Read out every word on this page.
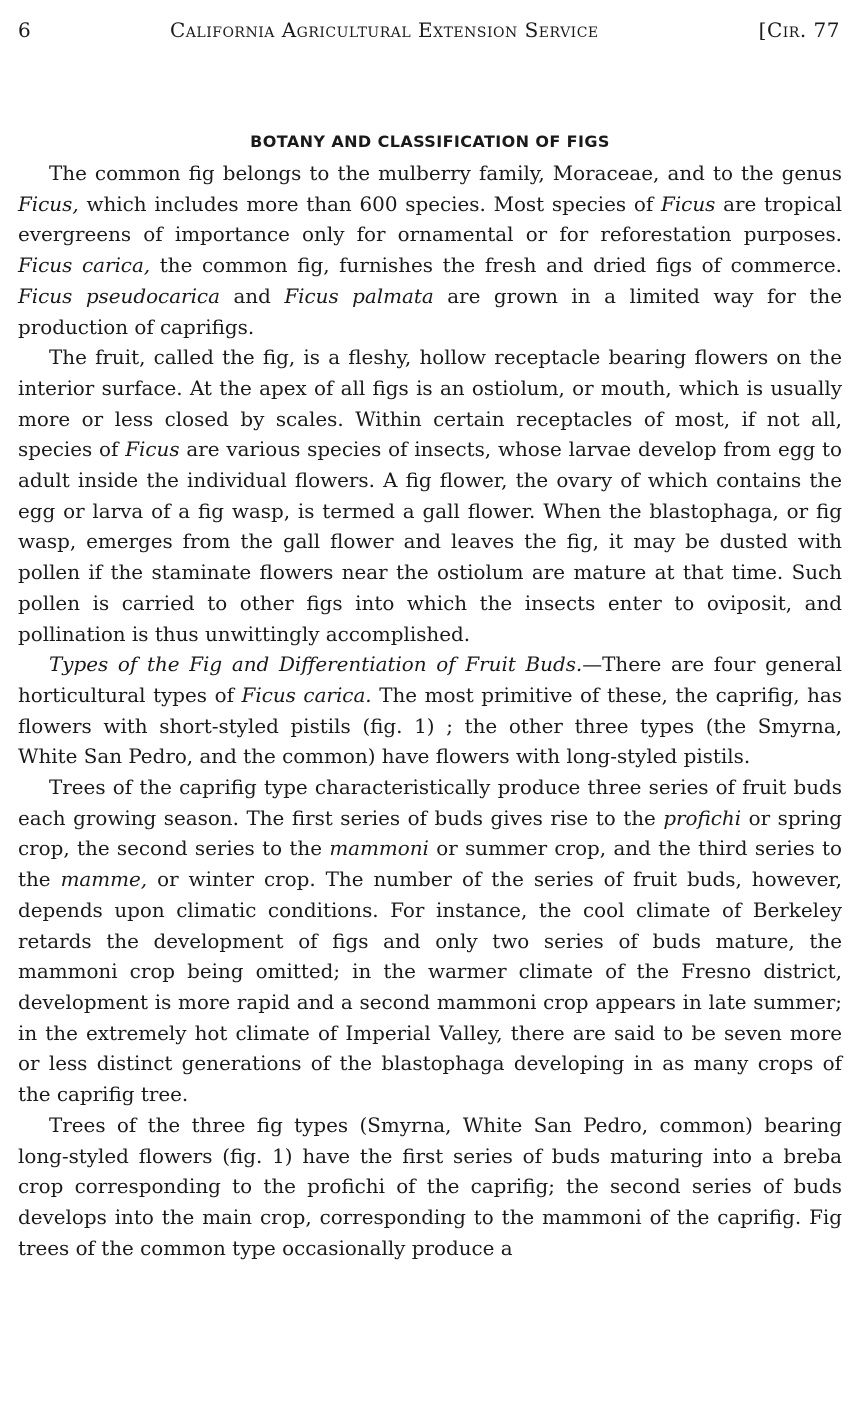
6	California Agricultural Extension Service	[Cir. 77
BOTANY AND CLASSIFICATION OF FIGS

The common fig belongs to the mulberry family, Moraceae, and to the genus Ficus, which includes more than 600 species. Most species of Ficus are tropical evergreens of importance only for ornamental or for reforestation purposes. Ficus carica, the common fig, furnishes the fresh and dried figs of commerce. Ficus pseudocarica and Ficus palmata are grown in a limited way for the production of caprifigs.

The fruit, called the fig, is a fleshy, hollow receptacle bearing flowers on the interior surface. At the apex of all figs is an ostiolum, or mouth, which is usually more or less closed by scales. Within certain receptacles of most, if not all, species of Ficus are various species of insects, whose larvae develop from egg to adult inside the individual flowers. A fig flower, the ovary of which contains the egg or larva of a fig wasp, is termed a gall flower. When the blastophaga, or fig wasp, emerges from the gall flower and leaves the fig, it may be dusted with pollen if the staminate flowers near the ostiolum are mature at that time. Such pollen is carried to other figs into which the insects enter to oviposit, and pollination is thus unwittingly accomplished.

Types of the Fig and Differentiation of Fruit Buds.—There are four general horticultural types of Ficus carica. The most primitive of these, the caprifig, has flowers with short-styled pistils (fig. 1) ; the other three types (the Smyrna, White San Pedro, and the common) have flowers with long-styled pistils.

Trees of the caprifig type characteristically produce three series of fruit buds each growing season. The first series of buds gives rise to the profichi or spring crop, the second series to the mammoni or summer crop, and the third series to the mamme, or winter crop. The number of the series of fruit buds, however, depends upon climatic conditions. For instance, the cool climate of Berkeley retards the development of figs and only two series of buds mature, the mammoni crop being omitted; in the warmer climate of the Fresno district, development is more rapid and a second mammoni crop appears in late summer; in the extremely hot climate of Imperial Valley, there are said to be seven more or less distinct generations of the blastophaga developing in as many crops of the caprifig tree.

Trees of the three fig types (Smyrna, White San Pedro, common) bearing long-styled flowers (fig. 1) have the first series of buds maturing into a breba crop corresponding to the profichi of the caprifig; the second series of buds develops into the main crop, corresponding to the mammoni of the caprifig. Fig trees of the common type occasionally produce a
